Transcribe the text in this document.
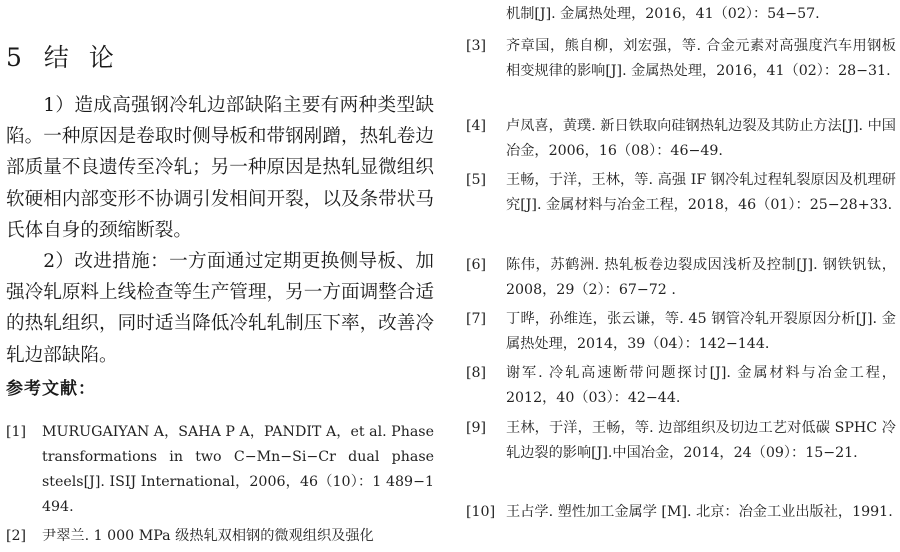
5 结 论

1）造成高强钢冷轧边部缺陷主要有两种类型缺陷。一种原因是卷取时侧导板和带钢剐蹭，热轧卷边部质量不良遗传至冷轧；另一种原因是热轧显微组织软硬相内部变形不协调引发相间开裂，以及条带状马氏体自身的颈缩断裂。

2）改进措施：一方面通过定期更换侧导板、加强冷轧原料上线检查等生产管理，另一方面调整合适的热轧组织，同时适当降低冷轧轧制压下率，改善冷轧边部缺陷。

参考文献：
[1] MURUGAIYAN A，SAHA P A，PANDIT A，et al. Phase transformations in two C−Mn−Si−Cr dual phase steels[J]. ISIJ International，2006，46（10）：1 489−1 494.
[2] 尹翠兰. 1 000 MPa 级热轧双相钢的微观组织及强化
机制[J]. 金属热处理，2016，41（02）：54−57.
[3] 齐章国，熊自柳，刘宏强，等. 合金元素对高强度汽车用钢板相变规律的影响[J]. 金属热处理，2016，41（02）：28−31.
[4] 卢凤喜，黄璞. 新日铁取向硅钢热轧边裂及其防止方法[J]. 中国冶金，2006，16（08）：46−49.
[5] 王畅，于洋，王林，等. 高强 IF 钢冷轧过程轧裂原因及机理研究[J]. 金属材料与冶金工程，2018，46（01）：25−28+33.
[6] 陈伟，苏鹤洲. 热轧板卷边裂成因浅析及控制[J]. 钢铁钒钛，2008，29（2）：67−72 .
[7] 丁晔，孙维连，张云谦，等. 45 钢管冷轧开裂原因分析[J]. 金属热处理，2014，39（04）：142−144.
[8] 谢军. 冷轧高速断带问题探讨[J]. 金属材料与冶金工程，2012，40（03）：42−44.
[9] 王林，于洋，王畅，等. 边部组织及切边工艺对低碳 SPHC 冷轧边裂的影响[J].中国冶金，2014，24（09）：15−21.
[10] 王占学. 塑性加工金属学 [M]. 北京：冶金工业出版社，1991.
